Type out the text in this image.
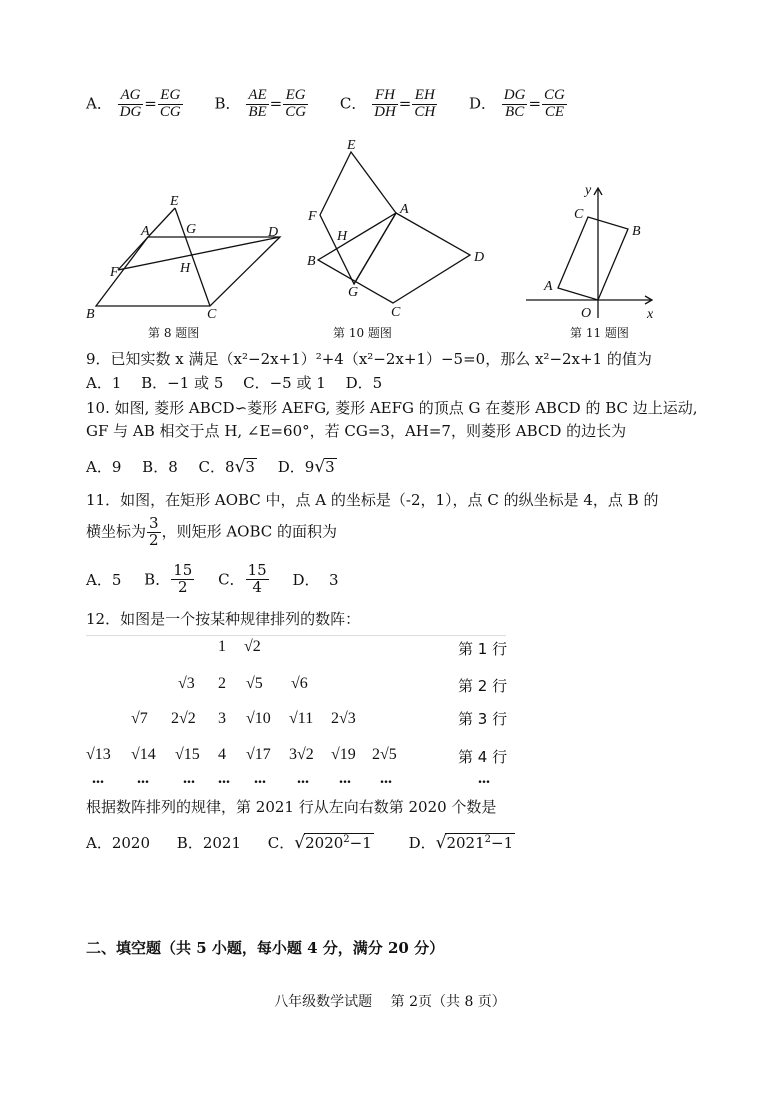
A． $\frac{AG}{DG} = \frac{EG}{CG}$ B． $\frac{AE}{BE} = \frac{EG}{CG}$ C． $\frac{FH}{DH} = \frac{EH}{CH}$ D． $\frac{DG}{BC} = \frac{CG}{CE}$
E
A	G	D
F	H
B	C
第 8 题图
E
F	A
H
B
G
D
C
第 10 题图
y
C
B
A
O	x
第 11 题图
9．已知实数 x 满足（x²−2x+1）²+4（x²−2x+1）−5=0，那么 x²−2x+1 的值为
A．1　 B．−1 或 5　 C．−5 或 1　 D．5
10. 如图, 菱形 ABCD∽菱形 AEFG, 菱形 AEFG 的顶点 G 在菱形 ABCD 的 BC 边上运动,
GF 与 AB 相交于点 H, ∠E=60°，若 CG=3，AH=7，则菱形 ABCD 的边长为
A．9 B．8 C．8√3 D．9√3
11．如图，在矩形 AOBC 中，点 A 的坐标是（-2，1），点 C 的纵坐标是 4，点 B 的
横坐标为 $\frac{3}{2}$ ，则矩形 AOBC 的面积为
A．5 B． $\frac{15}{2}$ C． $\frac{15}{4}$ D．  3
12．如图是一个按某种规律排列的数阵：
1 √2	第 1 行
√3 2 √5 √6	第 2 行
√7 2√2 3 √10 √11 2√3	第 3 行
√13 √14 √15 4 √17 3√2 √19 2√5	第 4 行
... ... ... ... ... ... ... ...	...
根据数阵排列的规律，第 2021 行从左向右数第 2020 个数是
A．2020 B．2021 C．$√2020^2-1$ D．$√2021^2-1$
二、填空题（共 5 小题，每小题 4 分，满分 20 分）
八年级数学试题　 第 2页（共 8 页）
